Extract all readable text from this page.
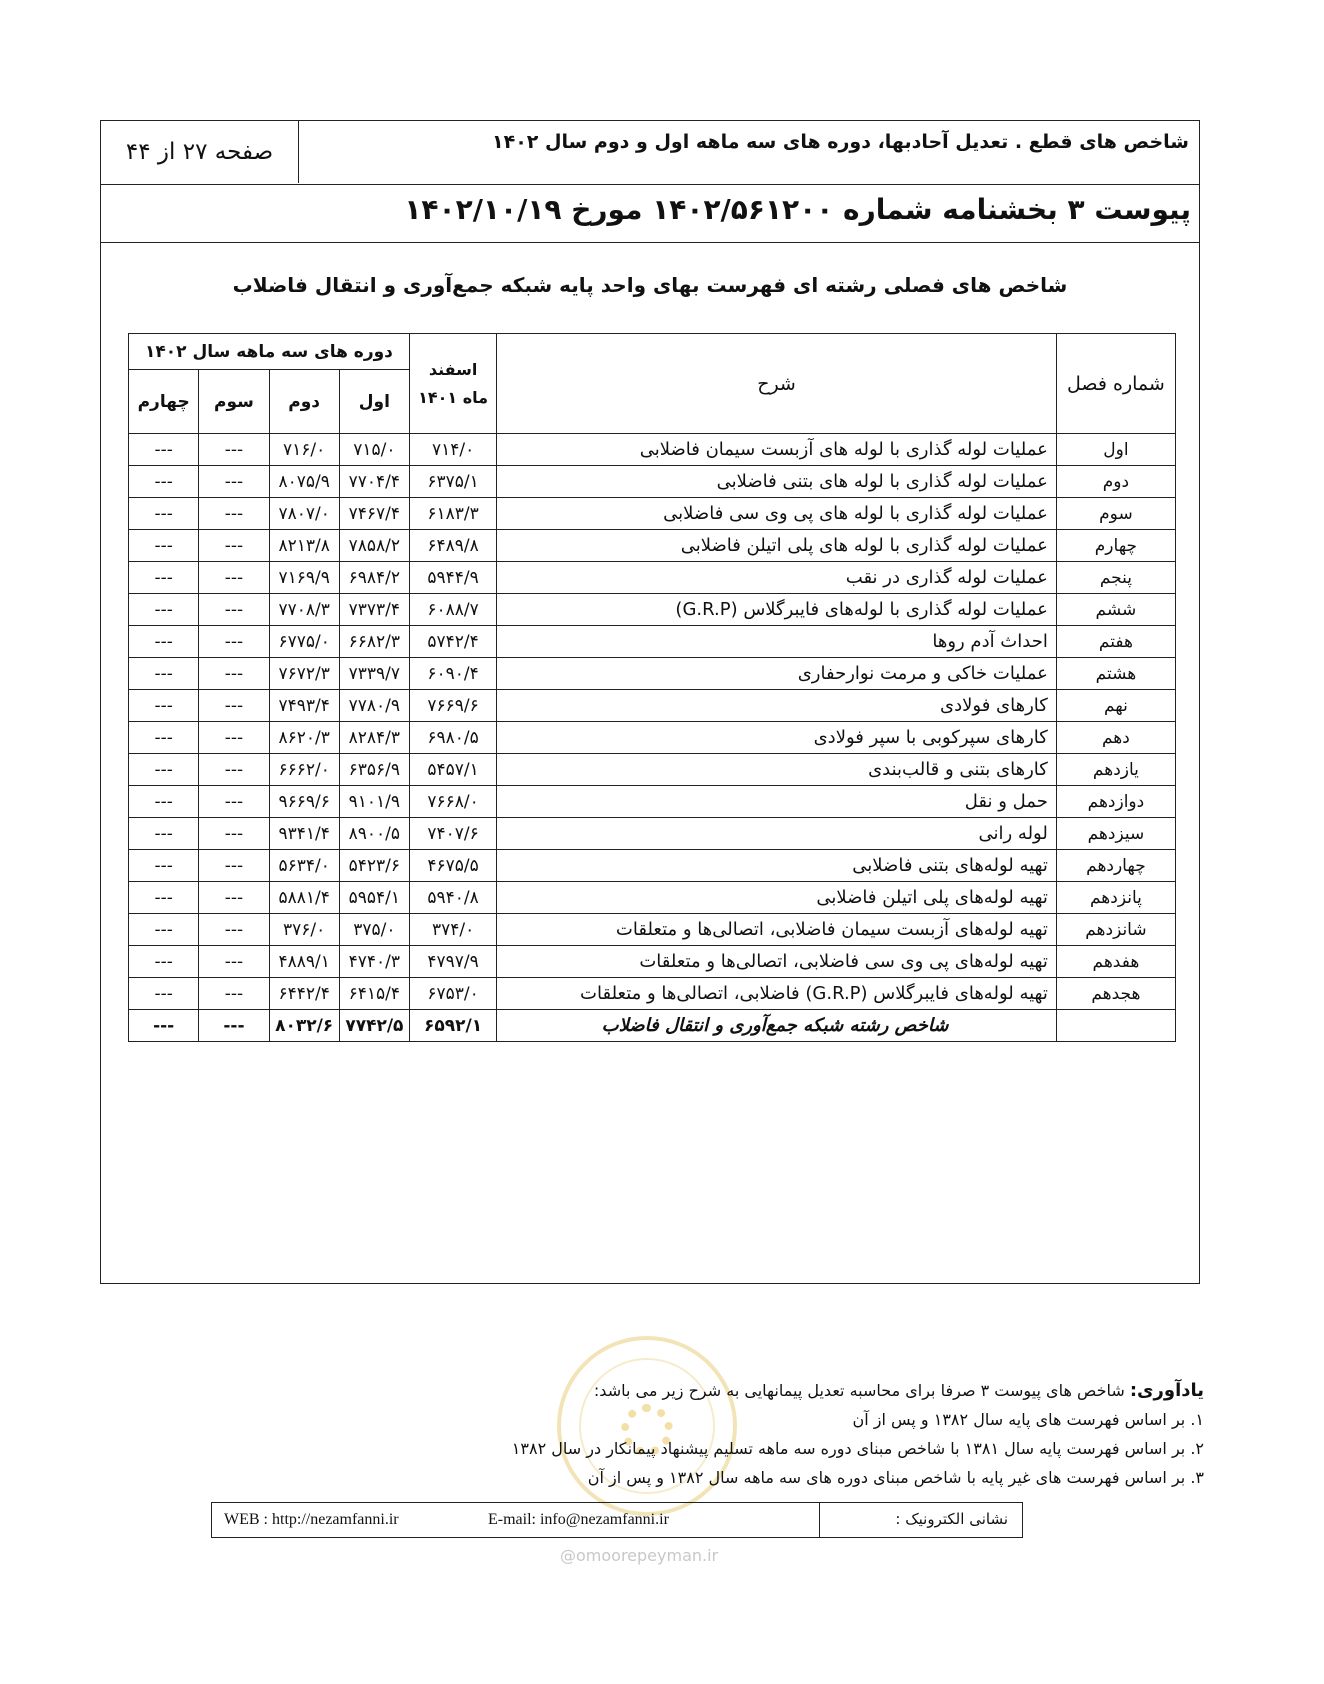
شاخص های قطع . تعدیل آحادبها، دوره های سه ماهه اول و دوم سال ۱۴۰۲
صفحه ۲۷ از ۴۴
پیوست ۳ بخشنامه شماره ۱۴۰۲/۵۶۱۲۰۰ مورخ ۱۴۰۲/۱۰/۱۹
شاخص های فصلی رشته ای فهرست بهای واحد پایه شبکه جمع‌آوری و انتقال فاضلاب
شماره فصل	شرح	اسفند ماه ۱۴۰۱	دوره های سه ماهه سال ۱۴۰۲			
			اول	دوم	سوم	چهارم
اول	عملیات لوله گذاری با لوله های آزبست سیمان فاضلابی	۷۱۴/۰	۷۱۵/۰	۷۱۶/۰	---	---
دوم	عملیات لوله گذاری با لوله های بتنی فاضلابی	۶۳۷۵/۱	۷۷۰۴/۴	۸۰۷۵/۹	---	---
سوم	عملیات لوله گذاری با لوله های پی وی سی فاضلابی	۶۱۸۳/۳	۷۴۶۷/۴	۷۸۰۷/۰	---	---
چهارم	عملیات لوله گذاری با لوله های پلی اتیلن فاضلابی	۶۴۸۹/۸	۷۸۵۸/۲	۸۲۱۳/۸	---	---
پنجم	عملیات لوله گذاری در نقب	۵۹۴۴/۹	۶۹۸۴/۲	۷۱۶۹/۹	---	---
ششم	عملیات لوله گذاری با لوله‌های فایبرگلاس (G.R.P)	۶۰۸۸/۷	۷۳۷۳/۴	۷۷۰۸/۳	---	---
هفتم	احداث آدم روها	۵۷۴۲/۴	۶۶۸۲/۳	۶۷۷۵/۰	---	---
هشتم	عملیات خاکی و مرمت نوارحفاری	۶۰۹۰/۴	۷۳۳۹/۷	۷۶۷۲/۳	---	---
نهم	کارهای فولادی	۷۶۶۹/۶	۷۷۸۰/۹	۷۴۹۳/۴	---	---
دهم	کارهای سپرکوبی با سپر فولادی	۶۹۸۰/۵	۸۲۸۴/۳	۸۶۲۰/۳	---	---
یازدهم	کارهای بتنی و قالب‌بندی	۵۴۵۷/۱	۶۳۵۶/۹	۶۶۶۲/۰	---	---
دوازدهم	حمل و نقل	۷۶۶۸/۰	۹۱۰۱/۹	۹۶۶۹/۶	---	---
سیزدهم	لوله رانی	۷۴۰۷/۶	۸۹۰۰/۵	۹۳۴۱/۴	---	---
چهاردهم	تهیه لوله‌های بتنی فاضلابی	۴۶۷۵/۵	۵۴۲۳/۶	۵۶۳۴/۰	---	---
پانزدهم	تهیه لوله‌های پلی اتیلن فاضلابی	۵۹۴۰/۸	۵۹۵۴/۱	۵۸۸۱/۴	---	---
شانزدهم	تهیه لوله‌های آزبست سیمان فاضلابی، اتصالی‌ها و متعلقات	۳۷۴/۰	۳۷۵/۰	۳۷۶/۰	---	---
هفدهم	تهیه لوله‌های پی وی سی فاضلابی، اتصالی‌ها و متعلقات	۴۷۹۷/۹	۴۷۴۰/۳	۴۸۸۹/۱	---	---
هجدهم	تهیه لوله‌های فایبرگلاس (G.R.P) فاضلابی، اتصالی‌ها و متعلقات	۶۷۵۳/۰	۶۴۱۵/۴	۶۴۴۲/۴	---	---
	شاخص رشته شبکه جمع‌آوری و انتقال فاضلاب	۶۵۹۲/۱	۷۷۴۲/۵	۸۰۳۲/۶	---	---
یادآوری: شاخص های پیوست ۳ صرفا برای محاسبه تعدیل پیمانهایی به شرح زیر می باشد:
۱. بر اساس فهرست های پایه سال ۱۳۸۲ و پس از آن
۲. بر اساس فهرست پایه سال ۱۳۸۱ با شاخص مبنای دوره سه ماهه تسلیم پیشنهاد پیمانکار در سال ۱۳۸۲
۳. بر اساس فهرست های غیر پایه با شاخص مبنای دوره های سه ماهه سال ۱۳۸۲ و پس از آن
نشانی الکترونیک :
E-mail: info@nezamfanni.ir
WEB : http://nezamfanni.ir
@omoorepeyman.ir
